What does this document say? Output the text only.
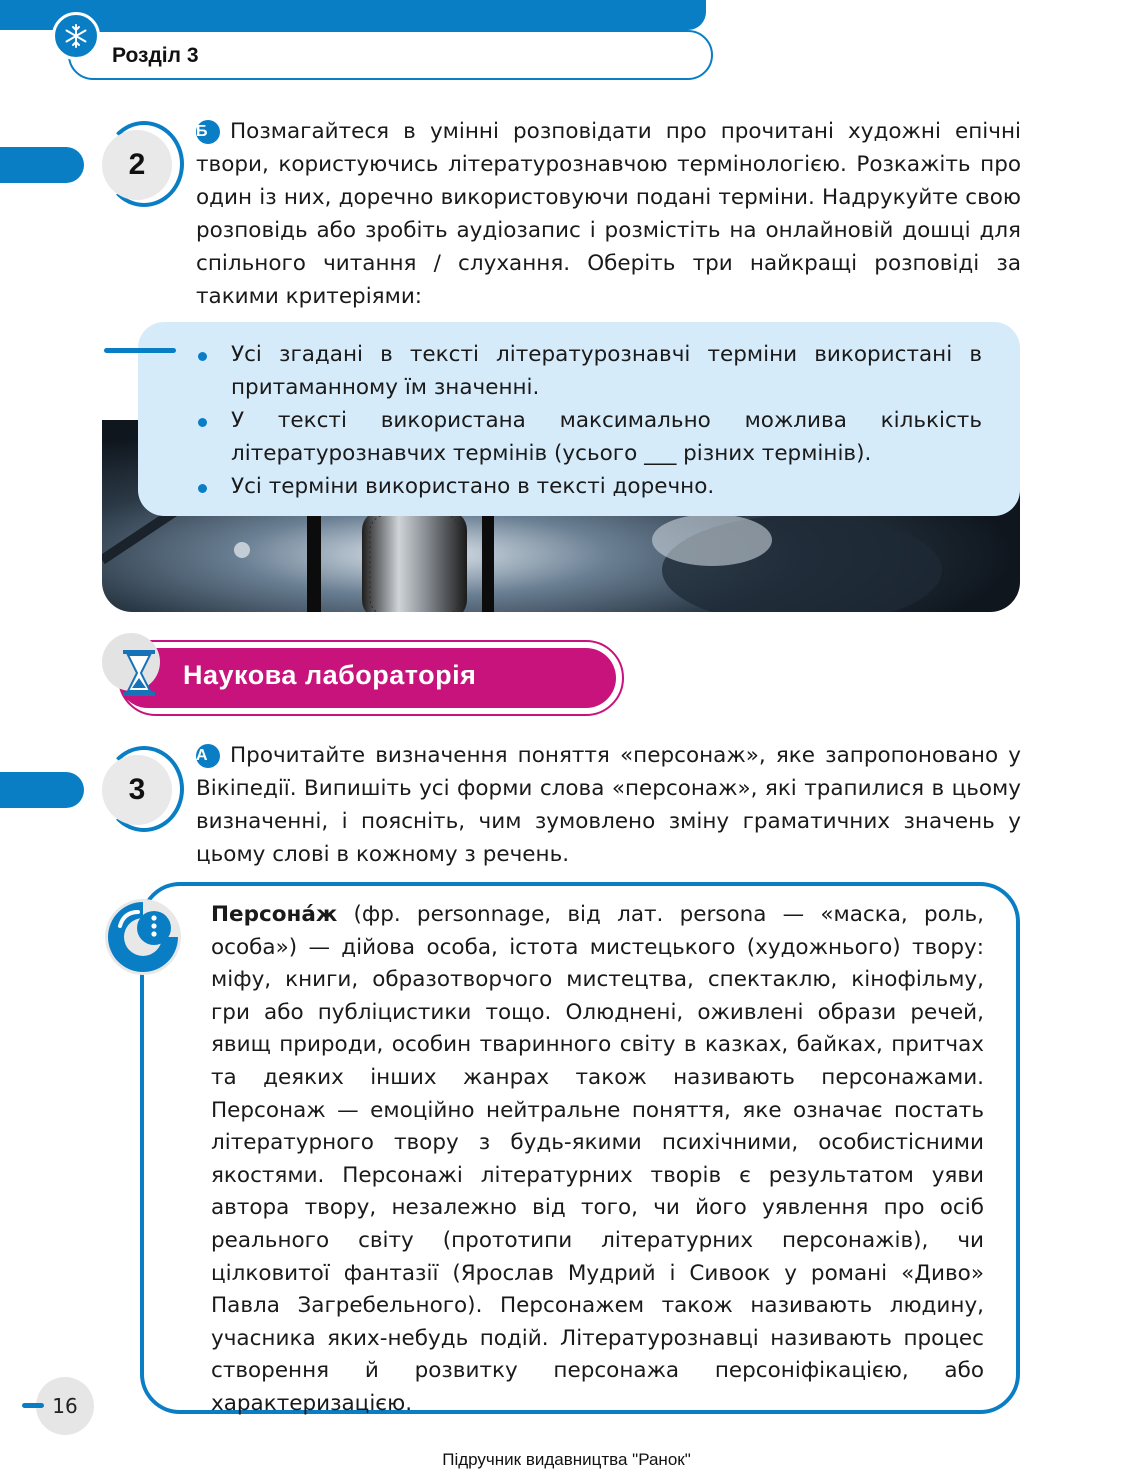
Розділ 3
2
Б Позмагайтеся в умінні розповідати про прочитані художні епічні твори, користуючись літературознавчою термінологією. Розкажіть про один із них, доречно використовуючи подані терміни. Надрукуйте свою розповідь або зробіть аудіозапис і розмістіть на онлайновій дошці для спільного читання / слухання. Оберіть три найкращі розповіді за такими критеріями:
Усі згадані в тексті літературознавчі терміни використані в притаманному їм значенні.
У тексті використана максимально можлива кількість літературознавчих термінів (усього ___ різних термінів).
Усі терміни використано в тексті доречно.
Наукова лабораторія
3
А Прочитайте визначення поняття «персонаж», яке запропоновано у Вікіпедії. Випишіть усі форми слова «персонаж», які трапилися в цьому визначенні, і поясніть, чим зумовлено зміну граматичних значень у цьому слові в кожному з речень.
Персона́ж (фр. personnage, від лат. persona — «маска, роль, особа») — дійова особа, істота мистецького (художнього) твору: міфу, книги, образотворчого мистецтва, спектаклю, кінофільму, гри або публіцистики тощо. Олюднені, оживлені образи речей, явищ природи, особин тваринного світу в казках, байках, притчах та деяких інших жанрах також називають персонажами. Персонаж — емоційно нейтральне поняття, яке означає постать літературного твору з будь-якими психічними, особистісними якостями. Персонажі літературних творів є результатом уяви автора твору, незалежно від того, чи його уявлення про осіб реального світу (прототипи літературних персонажів), чи цілковитої фантазії (Ярослав Мудрий і Сивоок у романі «Диво» Павла Загребельного). Персонажем також називають людину, учасника яких-небудь подій. Літературознавці називають процес створення й розвитку персонажа персоніфікацією, або характеризацією.
16
Підручник видавництва "Ранок"
